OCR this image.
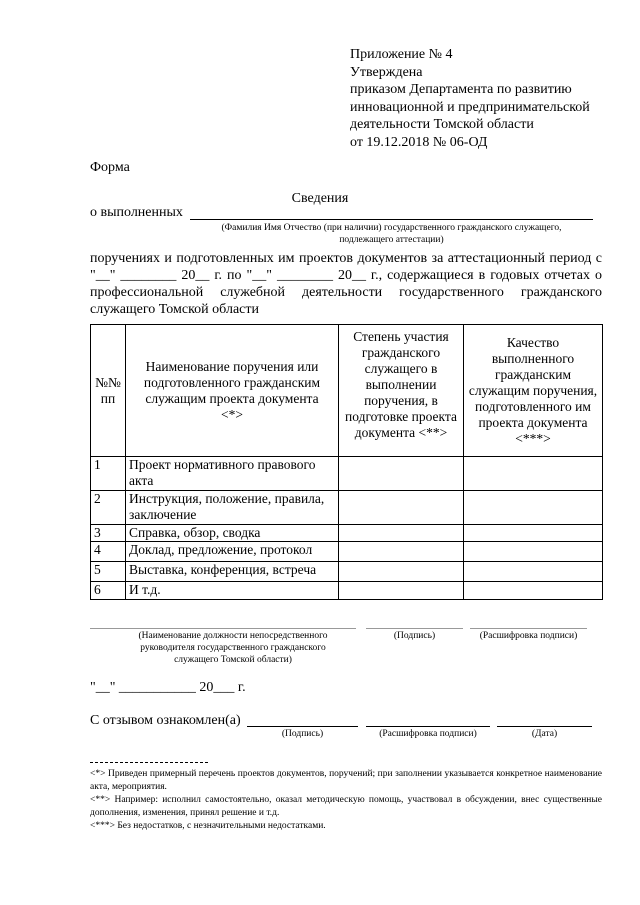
Приложение № 4
Утверждена
приказом Департамента по развитию
инновационной и предпринимательской
деятельности Томской области
от 19.12.2018 № 06-ОД
Форма
Сведения
о выполненных
(Фамилия Имя Отчество (при наличии) государственного гражданского служащего,
подлежащего аттестации)
поручениях и подготовленных им проектов документов за аттестационный период с
"__" ________ 20__ г. по "__" ________ 20__ г., содержащиеся в годовых отчетах о
профессиональной служебной деятельности государственного гражданского
служащего Томской области
№№ пп	Наименование поручения или подготовленного гражданским служащим проекта документа <*>	Степень участия гражданского служащего в выполнении поручения, в подготовке проекта документа <**>	Качество выполненного гражданским служащим поручения, подготовленного им проекта документа <***>
1	Проект нормативного правового акта		
2	Инструкция, положение, правила, заключение		
3	Справка, обзор, сводка		
4	Доклад, предложение, протокол		
5	Выставка, конференция, встреча		
6	И т.д.		
(Наименование должности непосредственного руководителя государственного гражданского служащего Томской области)
(Подпись)	(Расшифровка подписи)
"__" ___________ 20___ г.
С отзывом ознакомлен(а)
(Подпись)	(Расшифровка подписи)	(Дата)
<*> Приведен примерный перечень проектов документов, поручений; при заполнении указывается конкретное наименование акта, мероприятия.
<**> Например: исполнил самостоятельно, оказал методическую помощь, участвовал в обсуждении, внес существенные дополнения, изменения, принял решение и т.д.
<***> Без недостатков, с незначительными недостатками.
